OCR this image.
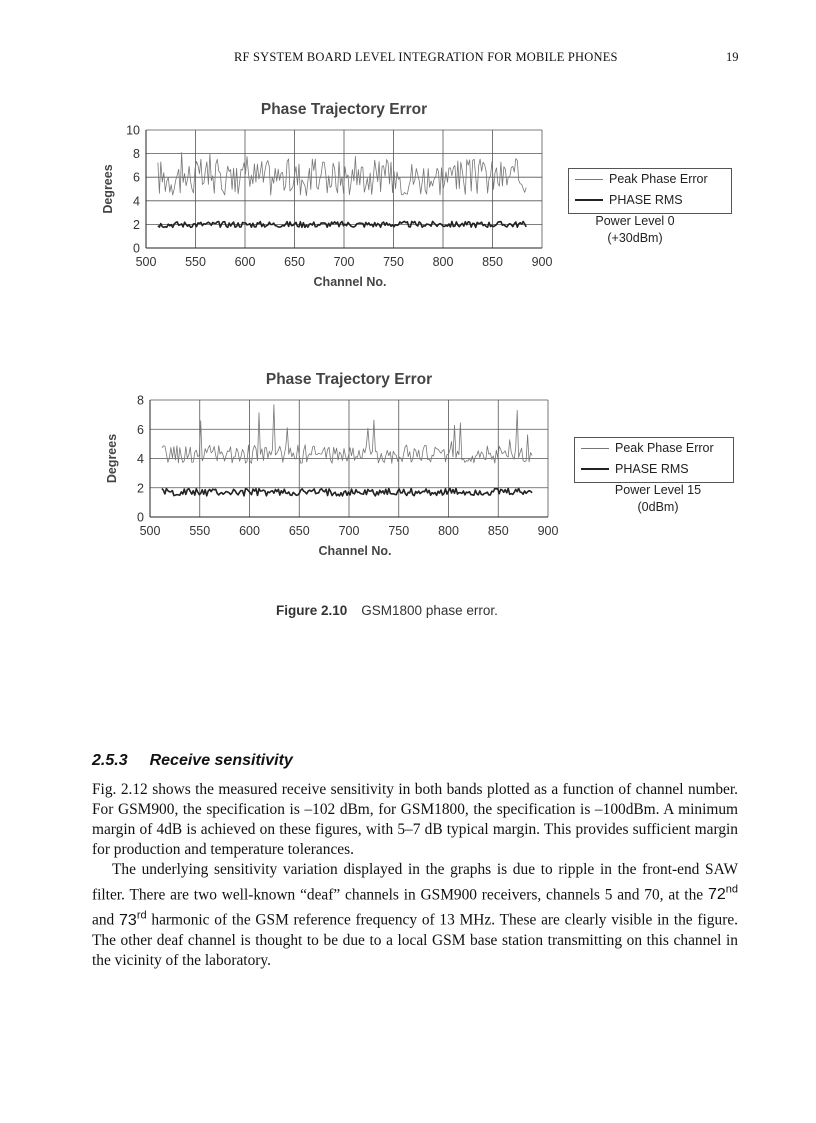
RF SYSTEM BOARD LEVEL INTEGRATION FOR MOBILE PHONES	19
Phase Trajectory Error
500 550 600 650 700 750 800 850 900
0
2
4
6
8
10
Channel No.
Degrees	Peak Phase Error
PHASE RMS
Power Level 0
(+30dBm)
Phase Trajectory Error
500 550 600 650 700 750 800 850 900
0
2
4
6
8
Channel No.
Degrees	Peak Phase Error
PHASE RMS
Power Level 15
(0dBm)
Figure 2.10 GSM1800 phase error.
2.5.3 Receive sensitivity

Fig. 2.12 shows the measured receive sensitivity in both bands plotted as a function of channel number. For GSM900, the specification is –102 dBm, for GSM1800, the specification is –100dBm. A minimum margin of 4dB is achieved on these figures, with 5–7 dB typical margin. This provides sufficient margin for production and temperature tolerances.

The underlying sensitivity variation displayed in the graphs is due to ripple in the front-end SAW filter. There are two well-known “deaf” channels in GSM900 receivers, channels 5 and 70, at the 72nd and 73rd harmonic of the GSM reference frequency of 13 MHz. These are clearly visible in the figure. The other deaf channel is thought to be due to a local GSM base station transmitting on this channel in the vicinity of the laboratory.
